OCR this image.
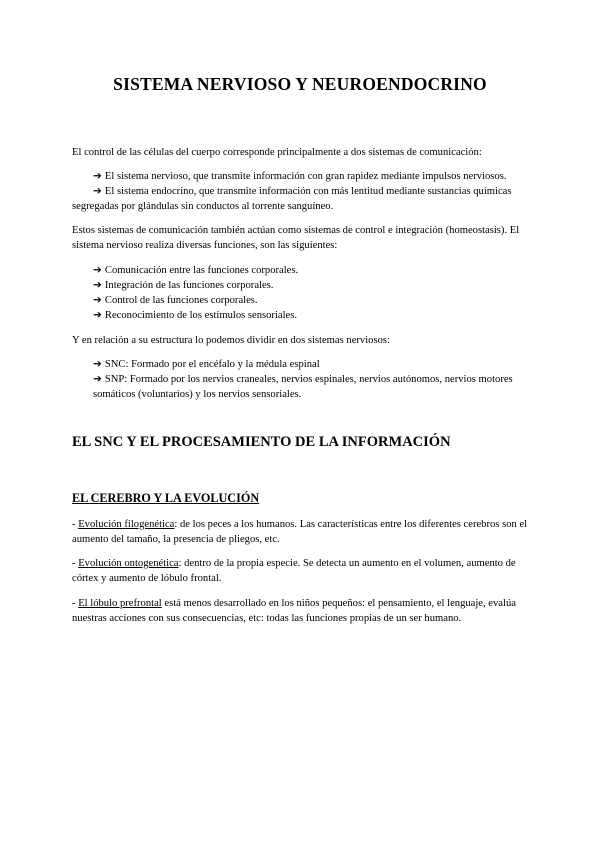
SISTEMA NERVIOSO Y NEUROENDOCRINO

El control de las células del cuerpo corresponde principalmente a dos sistemas de comunicación:

➔ El sistema nervioso, que transmite información con gran rapidez mediante impulsos nerviosos.

➔ El sistema endocrino, que transmite información con más lentitud mediante sustancias químicas
segregadas por glándulas sin conductos al torrente sanguíneo.

Estos sistemas de comunicación también actúan como sistemas de control e integración (homeostasis). El
sistema nervioso realiza diversas funciones, son las siguientes:

➔ Comunicación entre las funciones corporales.

➔ Integración de las funciones corporales.

➔ Control de las funciones corporales.

➔ Reconocimiento de los estímulos sensoriales.

Y en relación a su estructura lo podemos dividir en dos sistemas nerviosos:

➔ SNC: Formado por el encéfalo y la médula espinal

➔ SNP: Formado por los nervios craneales, nervios espinales, nervios autónomos, nervios motores
somáticos (voluntarios) y los nervios sensoriales.

EL SNC Y EL PROCESAMIENTO DE LA INFORMACIÓN
EL CEREBRO Y LA EVOLUCIÓN

- Evolución filogenética: de los peces a los humanos. Las características entre los diferentes cerebros son el
aumento del tamaño, la presencia de pliegos, etc.

- Evolución ontogenética: dentro de la propia especie. Se detecta un aumento en el volumen, aumento de
córtex y aumento de lóbulo frontal.

- El lóbulo prefrontal está menos desarrollado en los niños pequeños: el pensamiento, el lenguaje, evalúa
nuestras acciones con sus consecuencias, etc: todas las funciones propias de un ser humano.
